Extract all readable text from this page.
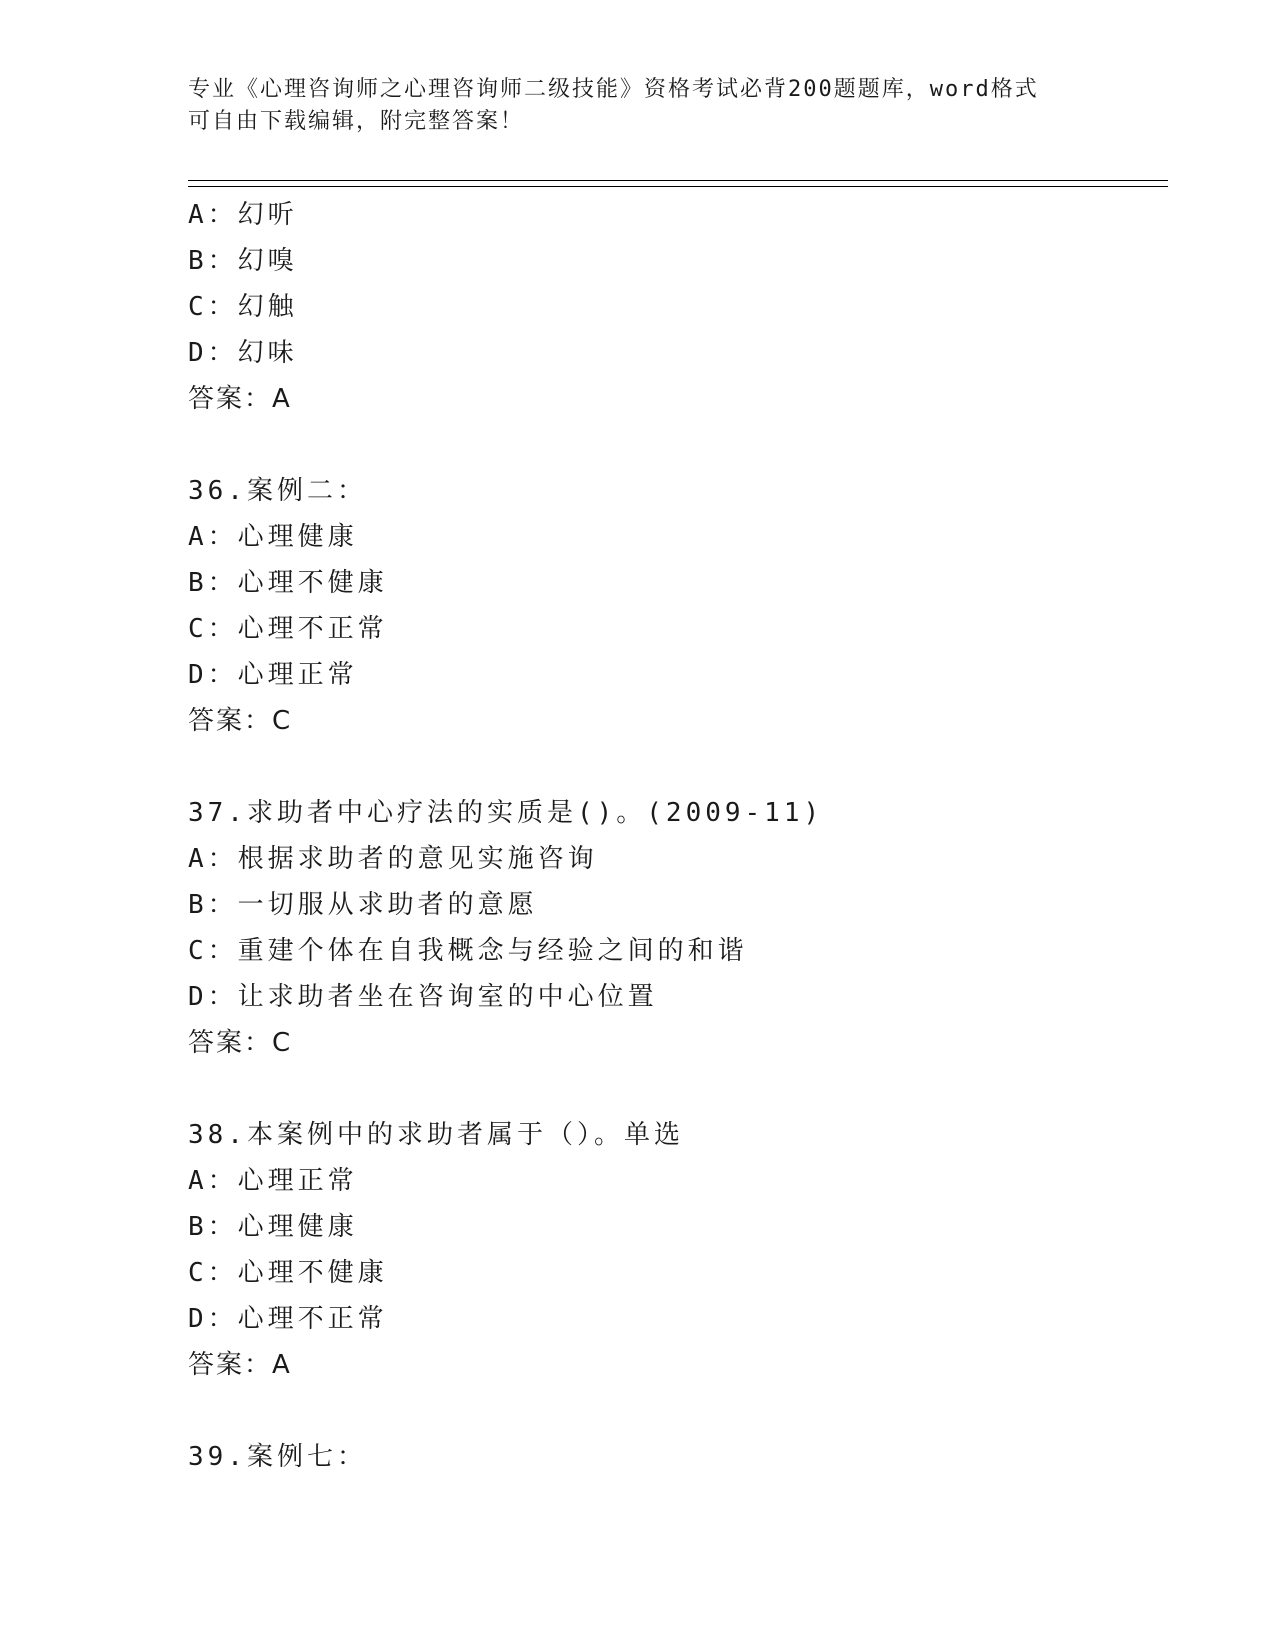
专业《心理咨询师之心理咨询师二级技能》资格考试必背200题题库，word格式
可自由下载编辑，附完整答案！
A：幻听
B：幻嗅
C：幻触
D：幻味
答案：A
36.案例二：
A：心理健康
B：心理不健康
C：心理不正常
D：心理正常
答案：C
37.求助者中心疗法的实质是()。(2009-11)
A：根据求助者的意见实施咨询
B：一切服从求助者的意愿
C：重建个体在自我概念与经验之间的和谐
D：让求助者坐在咨询室的中心位置
答案：C
38.本案例中的求助者属于（）。单选
A：心理正常
B：心理健康
C：心理不健康
D：心理不正常
答案：A
39.案例七：
